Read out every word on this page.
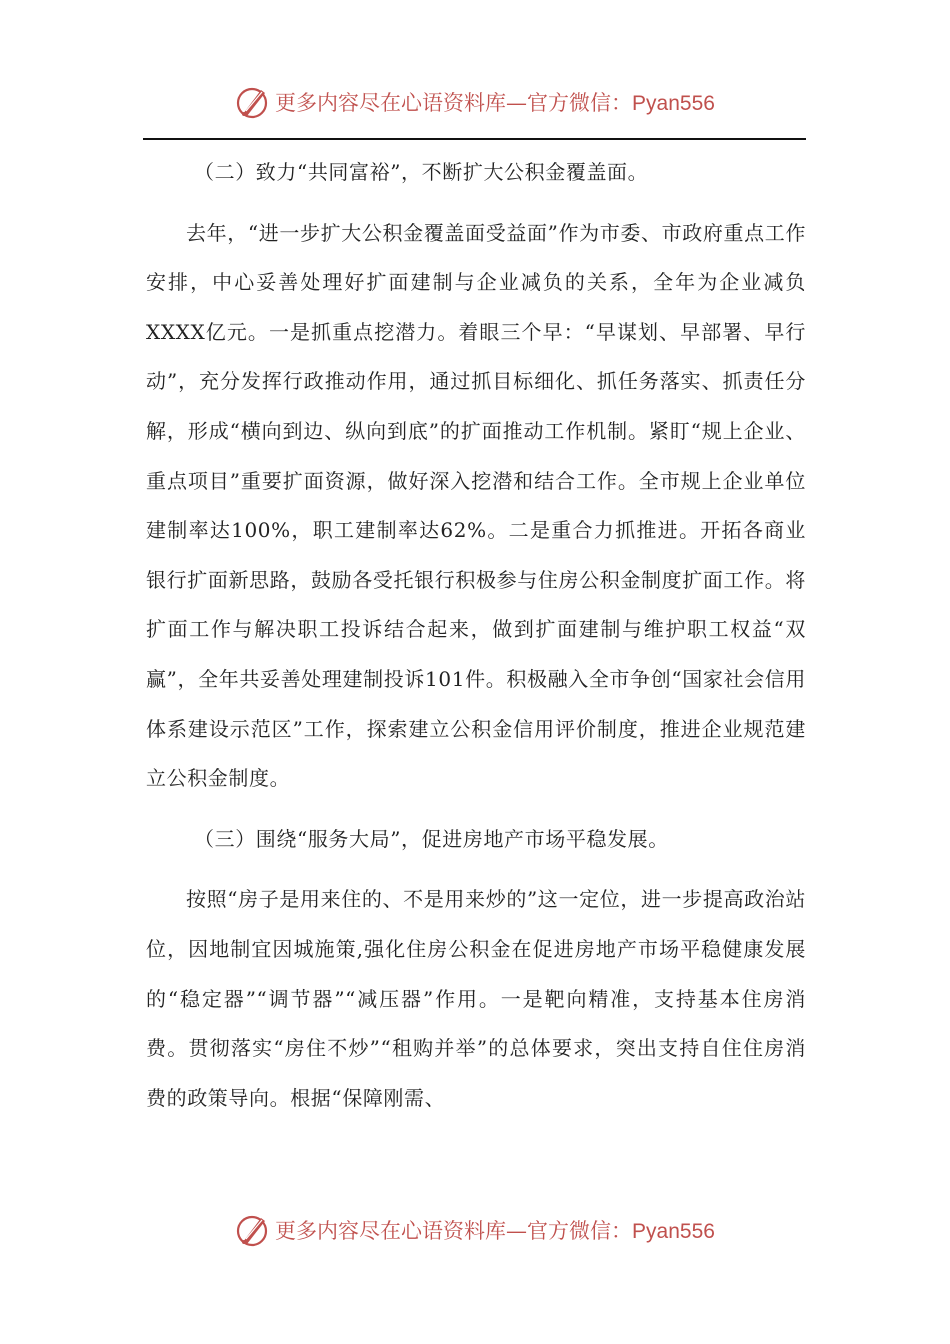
更多内容尽在心语资料库—官方微信：Pyan556

（二）致力“共同富裕”，不断扩大公积金覆盖面。

去年，“进一步扩大公积金覆盖面受益面”作为市委、市政府重点工作安排，中心妥善处理好扩面建制与企业减负的关系，全年为企业减负XXXX亿元。一是抓重点挖潜力。着眼三个早：“早谋划、早部署、早行动”，充分发挥行政推动作用，通过抓目标细化、抓任务落实、抓责任分解，形成“横向到边、纵向到底”的扩面推动工作机制。紧盯“规上企业、重点项目”重要扩面资源，做好深入挖潜和结合工作。全市规上企业单位建制率达100%，职工建制率达62%。二是重合力抓推进。开拓各商业银行扩面新思路，鼓励各受托银行积极参与住房公积金制度扩面工作。将扩面工作与解决职工投诉结合起来，做到扩面建制与维护职工权益“双赢”，全年共妥善处理建制投诉101件。积极融入全市争创“国家社会信用体系建设示范区”工作，探索建立公积金信用评价制度，推进企业规范建立公积金制度。

（三）围绕“服务大局”，促进房地产市场平稳发展。

按照“房子是用来住的、不是用来炒的”这一定位，进一步提高政治站位，因地制宜因城施策,强化住房公积金在促进房地产市场平稳健康发展的“稳定器”“调节器”“减压器”作用。一是靶向精准，支持基本住房消费。贯彻落实“房住不炒”“租购并举”的总体要求，突出支持自住住房消费的政策导向。根据“保障刚需、

更多内容尽在心语资料库—官方微信：Pyan556
